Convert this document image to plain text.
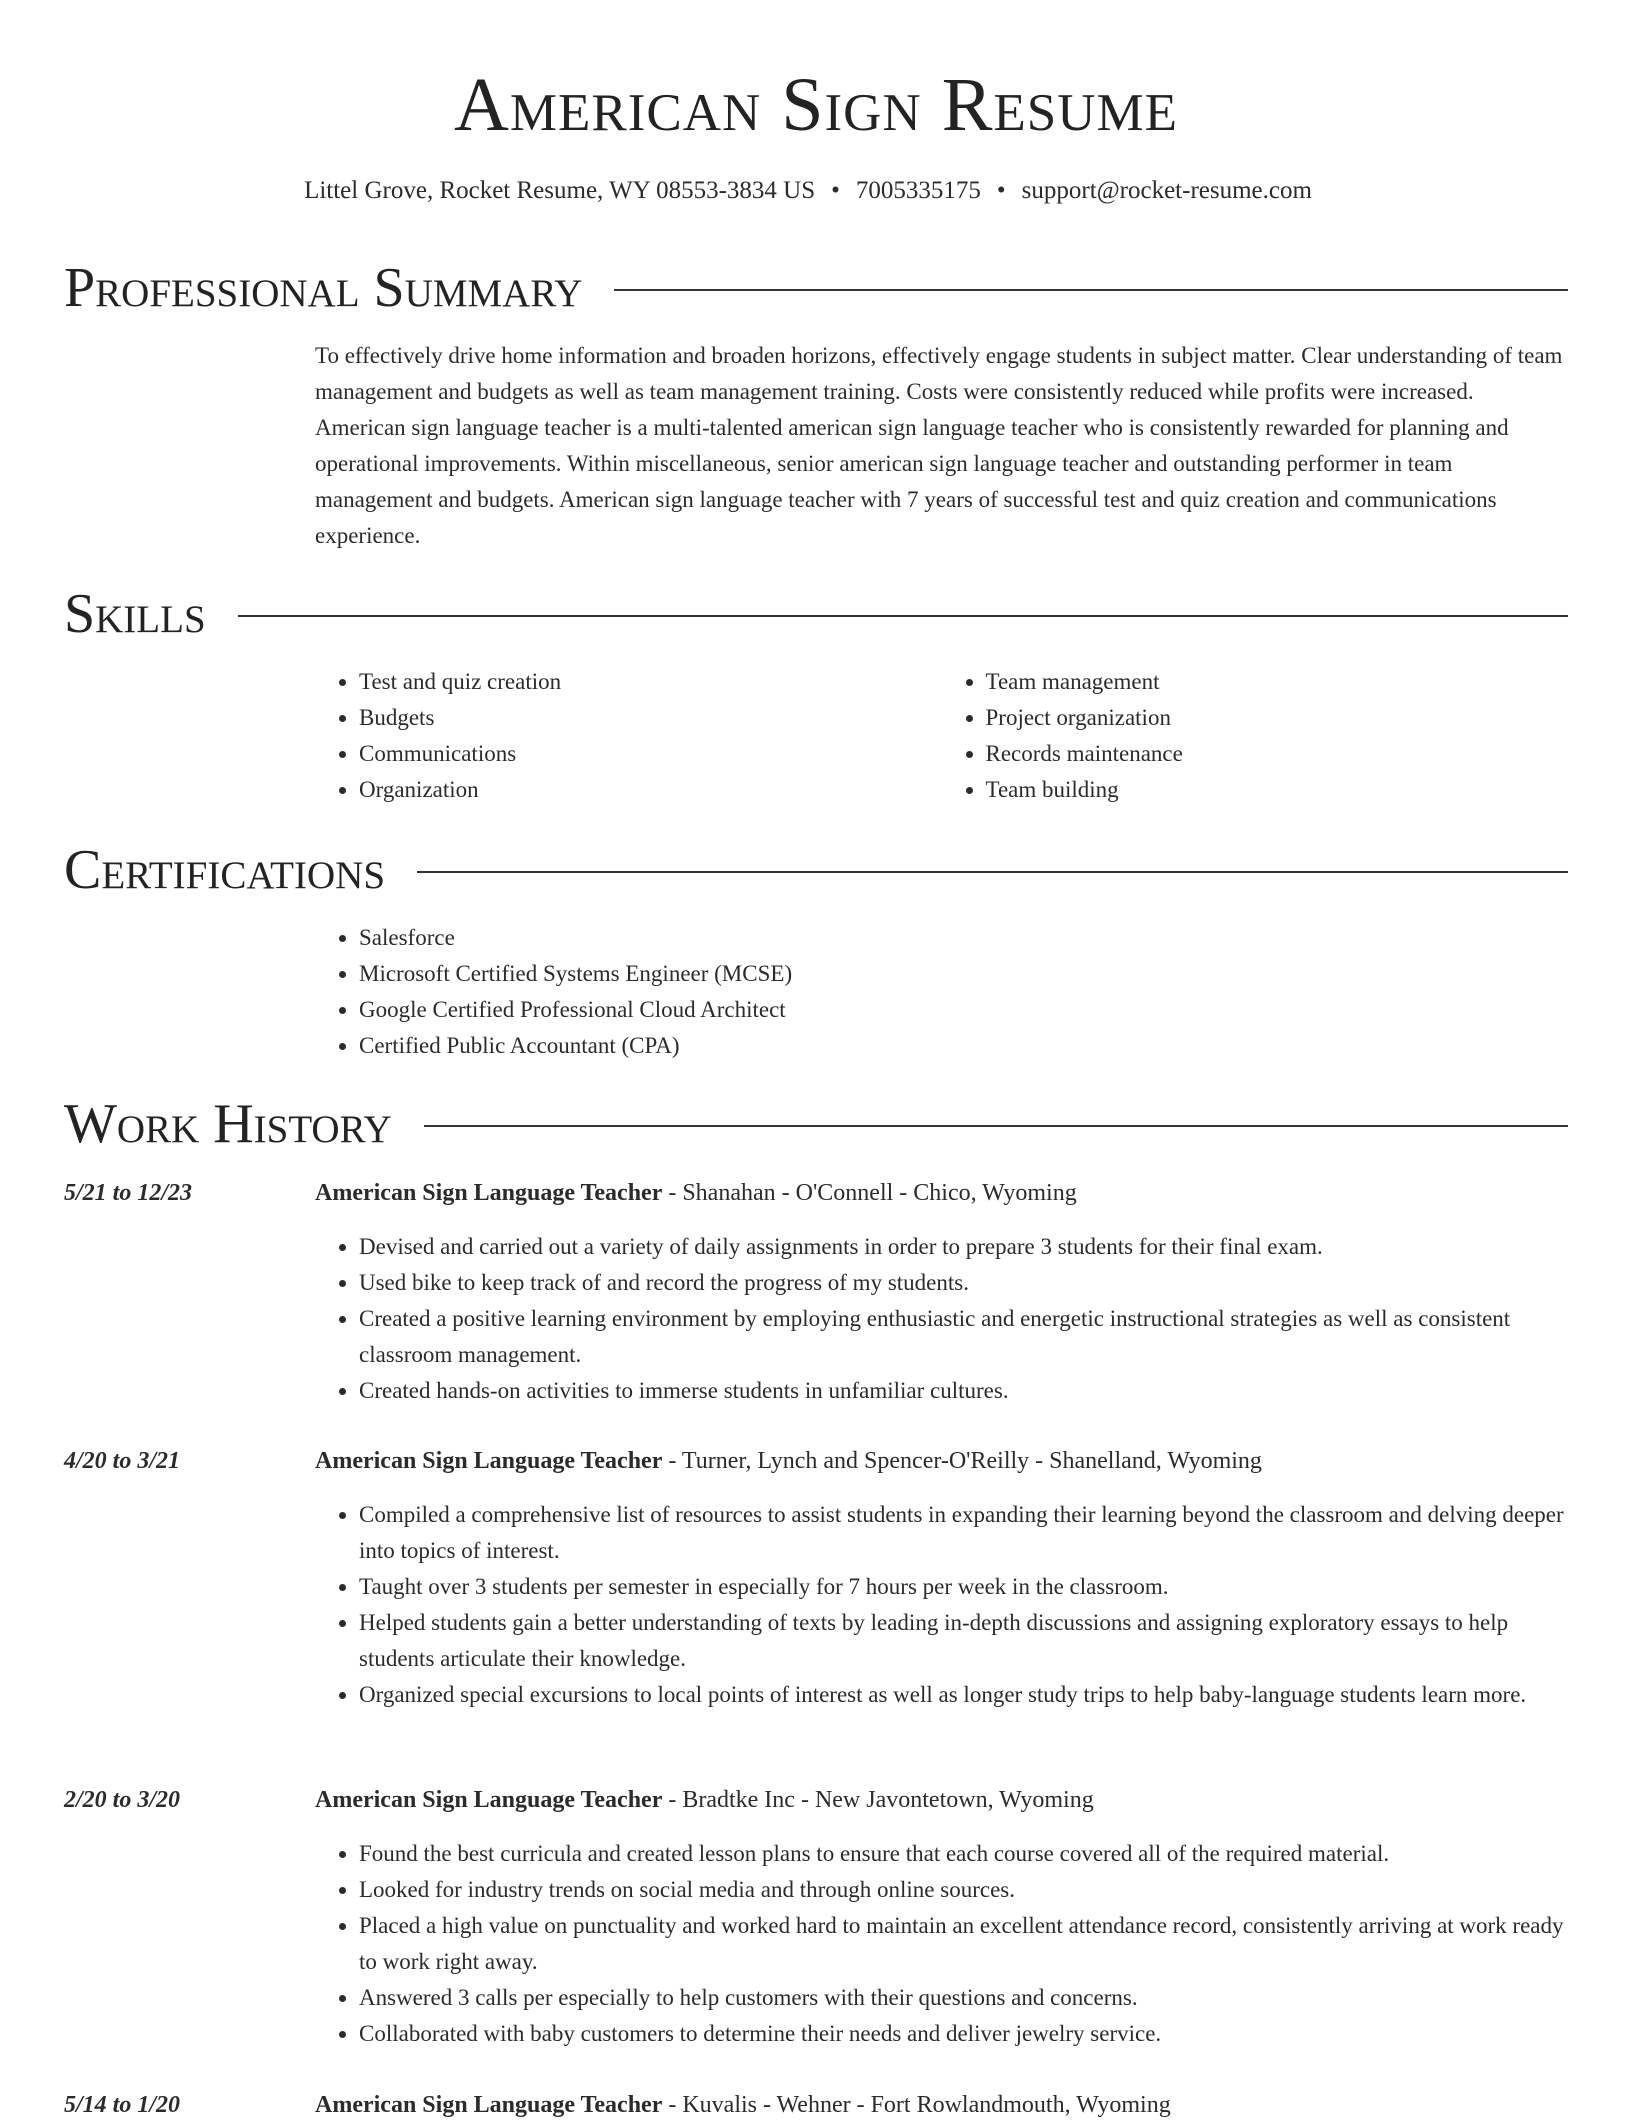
American Sign Resume
Littel Grove, Rocket Resume, WY 08553-3834 US • 7005335175 • support@rocket-resume.com
Professional Summary
To effectively drive home information and broaden horizons, effectively engage students in subject matter. Clear understanding of team management and budgets as well as team management training. Costs were consistently reduced while profits were increased. American sign language teacher is a multi-talented american sign language teacher who is consistently rewarded for planning and operational improvements. Within miscellaneous, senior american sign language teacher and outstanding performer in team management and budgets. American sign language teacher with 7 years of successful test and quiz creation and communications experience.
Skills
• Test and quiz creation
• Budgets
• Communications
• Organization
• Team management
• Project organization
• Records maintenance
• Team building
Certifications
• Salesforce
• Microsoft Certified Systems Engineer (MCSE)
• Google Certified Professional Cloud Architect
• Certified Public Accountant (CPA)
Work History
5/21 to 12/23	American Sign Language Teacher - Shanahan - O'Connell - Chico, Wyoming
• Devised and carried out a variety of daily assignments in order to prepare 3 students for their final exam.
• Used bike to keep track of and record the progress of my students.
• Created a positive learning environment by employing enthusiastic and energetic instructional strategies as well as consistent classroom management.
• Created hands-on activities to immerse students in unfamiliar cultures.
4/20 to 3/21	American Sign Language Teacher - Turner, Lynch and Spencer-O'Reilly - Shanelland, Wyoming
• Compiled a comprehensive list of resources to assist students in expanding their learning beyond the classroom and delving deeper into topics of interest.
• Taught over 3 students per semester in especially for 7 hours per week in the classroom.
• Helped students gain a better understanding of texts by leading in-depth discussions and assigning exploratory essays to help students articulate their knowledge.
• Organized special excursions to local points of interest as well as longer study trips to help baby-language students learn more.
2/20 to 3/20	American Sign Language Teacher - Bradtke Inc - New Javontetown, Wyoming
• Found the best curricula and created lesson plans to ensure that each course covered all of the required material.
• Looked for industry trends on social media and through online sources.
• Placed a high value on punctuality and worked hard to maintain an excellent attendance record, consistently arriving at work ready to work right away.
• Answered 3 calls per especially to help customers with their questions and concerns.
• Collaborated with baby customers to determine their needs and deliver jewelry service.
5/14 to 1/20	American Sign Language Teacher - Kuvalis - Wehner - Fort Rowlandmouth, Wyoming
